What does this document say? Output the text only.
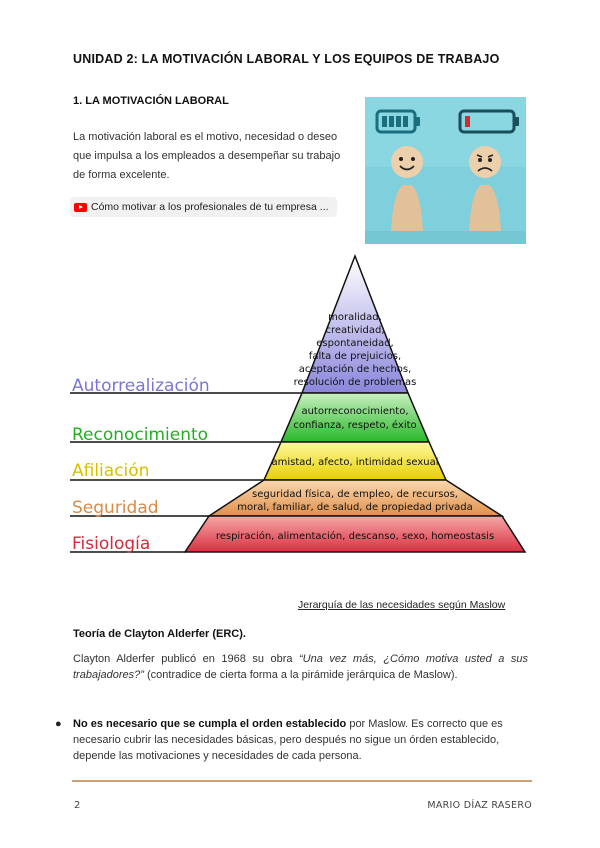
UNIDAD 2: LA MOTIVACIÓN LABORAL Y LOS EQUIPOS DE TRABAJO
1. LA MOTIVACIÓN LABORAL
La motivación laboral es el motivo, necesidad o deseo
que impulsa a los empleados a desempeñar su trabajo
de forma excelente.
Cómo motivar a los profesionales de tu empresa ...
Autorrealización
Reconocimiento
Afiliación
Seguridad
Fisiología
moralidad,
creatividad,
espontaneidad,
falta de prejuicios,
aceptación de hechos,
resolución de problemas
autorreconocimiento,
confianza, respeto, éxito
amistad, afecto, intimidad sexual
seguridad física, de empleo, de recursos,
moral, familiar, de salud, de propiedad privada
respiración, alimentación, descanso, sexo, homeostasis
Jerarquía de las necesidades según Maslow
Teoría de Clayton Alderfer (ERC).
Clayton Alderfer publicó en 1968 su obra “Una vez más, ¿Cómo motiva usted a sus trabajadores?” (contradice de cierta forma a la pirámide jerárquica de Maslow).
●	No es necesario que se cumpla el orden establecido por Maslow. Es correcto que es necesario cubrir las necesidades básicas, pero después no sigue un órden establecido, depende las motivaciones y necesidades de cada persona.
2	MARIO DÍAZ RASERO
